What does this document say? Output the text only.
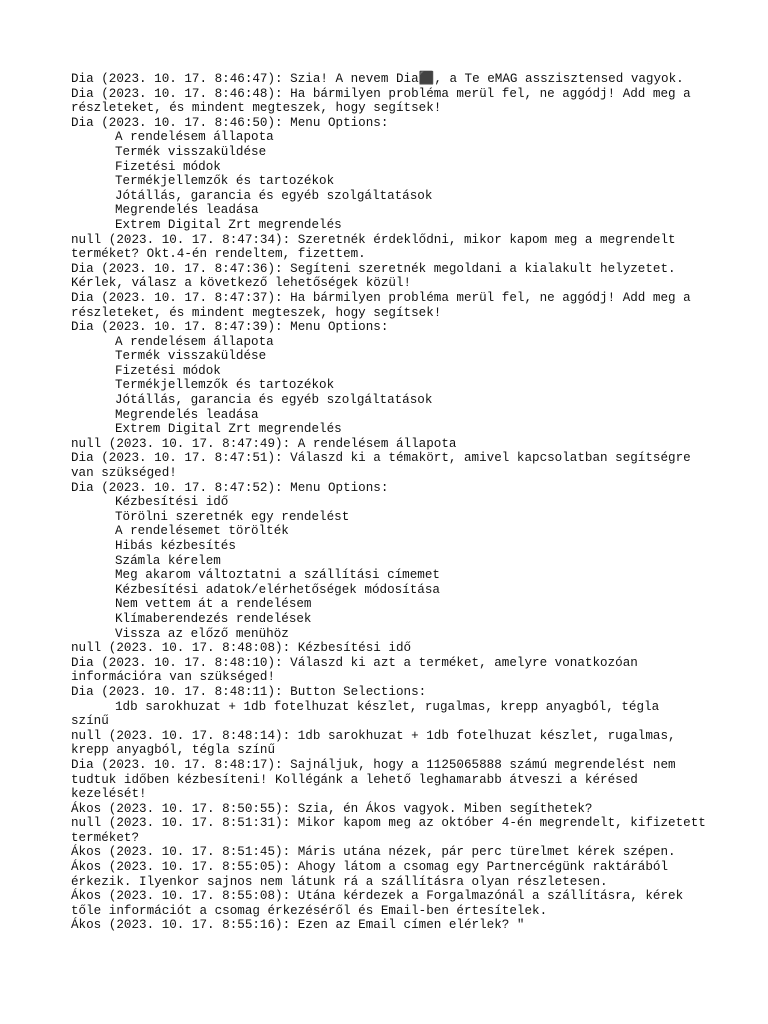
Dia (2023. 10. 17. 8:46:47): Szia! A nevem Dia⬛, a Te eMAG asszisztensed vagyok.
Dia (2023. 10. 17. 8:46:48): Ha bármilyen probléma merül fel, ne aggódj! Add meg a részleteket, és mindent megteszek, hogy segítsek!
Dia (2023. 10. 17. 8:46:50): Menu Options:
A rendelésem állapota
Termék visszaküldése
Fizetési módok
Termékjellemzők és tartozékok
Jótállás, garancia és egyéb szolgáltatások
Megrendelés leadása
Extrem Digital Zrt megrendelés
null (2023. 10. 17. 8:47:34): Szeretnék érdeklődni, mikor kapom meg a megrendelt terméket? Okt.4-én rendeltem, fizettem.
Dia (2023. 10. 17. 8:47:36): Segíteni szeretnék megoldani a kialakult helyzetet. Kérlek, válasz a következő lehetőségek közül!
Dia (2023. 10. 17. 8:47:37): Ha bármilyen probléma merül fel, ne aggódj! Add meg a részleteket, és mindent megteszek, hogy segítsek!
Dia (2023. 10. 17. 8:47:39): Menu Options:
A rendelésem állapota
Termék visszaküldése
Fizetési módok
Termékjellemzők és tartozékok
Jótállás, garancia és egyéb szolgáltatások
Megrendelés leadása
Extrem Digital Zrt megrendelés
null (2023. 10. 17. 8:47:49): A rendelésem állapota
Dia (2023. 10. 17. 8:47:51): Válaszd ki a témakört, amivel kapcsolatban segítségre van szükséged!
Dia (2023. 10. 17. 8:47:52): Menu Options:
Kézbesítési idő
Törölni szeretnék egy rendelést
A rendelésemet törölték
Hibás kézbesítés
Számla kérelem
Meg akarom változtatni a szállítási címemet
Kézbesítési adatok/elérhetőségek módosítása
Nem vettem át a rendelésem
Klímaberendezés rendelések
Vissza az előző menühöz
null (2023. 10. 17. 8:48:08): Kézbesítési idő
Dia (2023. 10. 17. 8:48:10): Válaszd ki azt a terméket, amelyre vonatkozóan információra van szükséged!
Dia (2023. 10. 17. 8:48:11): Button Selections:
1db sarokhuzat + 1db fotelhuzat készlet, rugalmas, krepp anyagból, tégla
színű
null (2023. 10. 17. 8:48:14): 1db sarokhuzat + 1db fotelhuzat készlet, rugalmas, krepp anyagból, tégla színű
Dia (2023. 10. 17. 8:48:17): Sajnáljuk, hogy a 1125065888 számú megrendelést nem tudtuk időben kézbesíteni! Kollégánk a lehető leghamarabb átveszi a kérésed kezelését!
Ákos (2023. 10. 17. 8:50:55): Szia, én Ákos vagyok. Miben segíthetek?
null (2023. 10. 17. 8:51:31): Mikor kapom meg az október 4-én megrendelt, kifizetett terméket?
Ákos (2023. 10. 17. 8:51:45): Máris utána nézek, pár perc türelmet kérek szépen.
Ákos (2023. 10. 17. 8:55:05): Ahogy látom a csomag egy Partnercégünk raktárából érkezik. Ilyenkor sajnos nem látunk rá a szállításra olyan részletesen.
Ákos (2023. 10. 17. 8:55:08): Utána kérdezek a Forgalmazónál a szállításra, kérek tőle információt a csomag érkezéséről és Email-ben értesítelek.
Ákos (2023. 10. 17. 8:55:16): Ezen az Email címen elérlek? "
